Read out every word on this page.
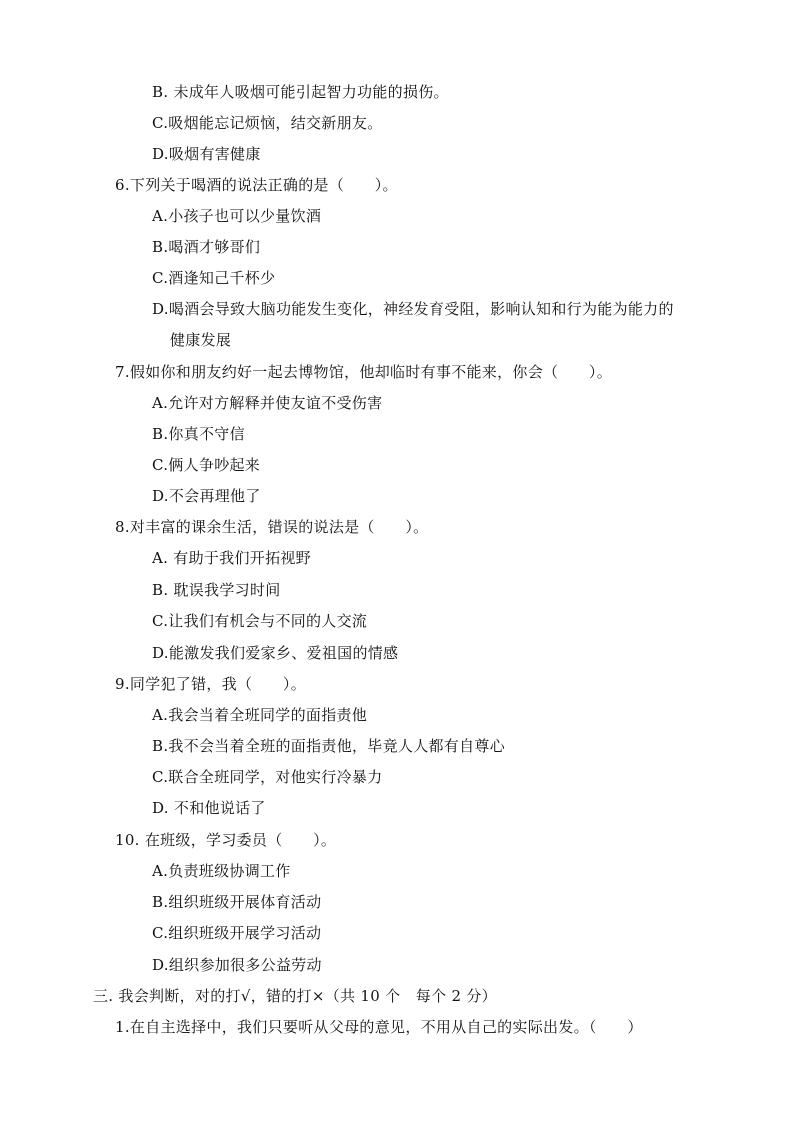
B. 未成年人吸烟可能引起智力功能的损伤。
C.吸烟能忘记烦恼，结交新朋友。
D.吸烟有害健康
6.下列关于喝酒的说法正确的是（　　）。
A.小孩子也可以少量饮酒
B.喝酒才够哥们
C.酒逢知己千杯少
D.喝酒会导致大脑功能发生变化，神经发育受阻，影响认知和行为能为能力的
健康发展
7.假如你和朋友约好一起去博物馆，他却临时有事不能来，你会（　　）。
A.允许对方解释并使友谊不受伤害
B.你真不守信
C.俩人争吵起来
D.不会再理他了
8.对丰富的课余生活，错误的说法是（　　）。
A. 有助于我们开拓视野
B. 耽误我学习时间
C.让我们有机会与不同的人交流
D.能激发我们爱家乡、爱祖国的情感
9.同学犯了错，我（　　）。
A.我会当着全班同学的面指责他
B.我不会当着全班的面指责他，毕竟人人都有自尊心
C.联合全班同学，对他实行冷暴力
D. 不和他说话了
10. 在班级，学习委员（　　）。
A.负责班级协调工作
B.组织班级开展体育活动
C.组织班级开展学习活动
D.组织参加很多公益劳动
三. 我会判断，对的打√，错的打×（共 10 个　每个 2 分）
1.在自主选择中，我们只要听从父母的意见，不用从自己的实际出发。（　　）
